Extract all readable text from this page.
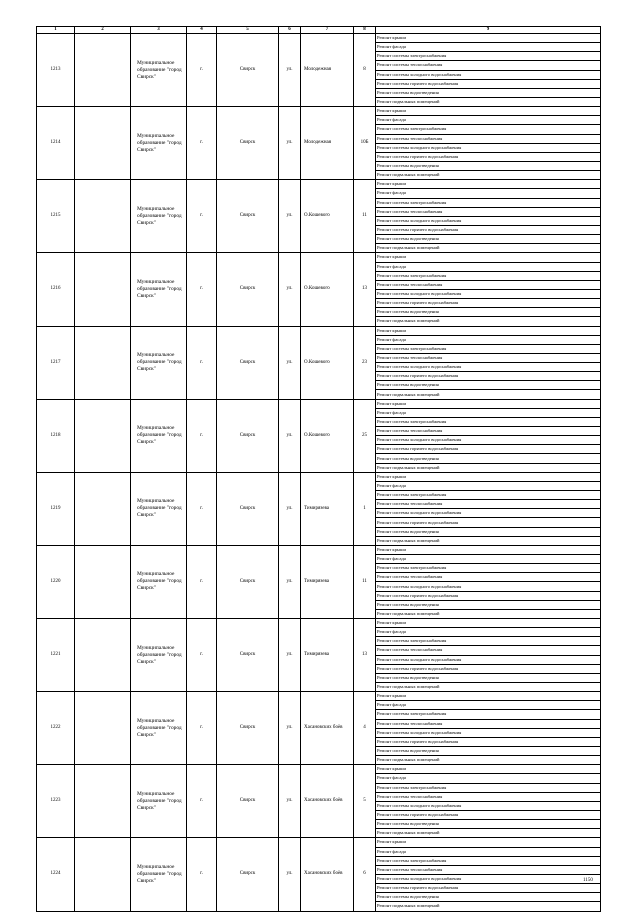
1	2	3	4	5	6	7	8	9
1213		Муниципальное образование "город Свирск"	г.	Свирск	ул.	Молодежная	8	Ремонт крыши
								Ремонт фасада
								Ремонт системы электроснабжения
								Ремонт системы теплоснабжения
								Ремонт системы холодного водоснабжения
								Ремонт системы горячего водоснабжения
								Ремонт системы водоотведения
								Ремонт подвальных помещений
1214		Муниципальное образование "город Свирск"	г.	Свирск	ул.	Молодежная	10Б	Ремонт крыши
								Ремонт фасада
								Ремонт системы электроснабжения
								Ремонт системы теплоснабжения
								Ремонт системы холодного водоснабжения
								Ремонт системы горячего водоснабжения
								Ремонт системы водоотведения
								Ремонт подвальных помещений
1215		Муниципальное образование "город Свирск"	г.	Свирск	ул.	О.Кошевого	11	Ремонт крыши
								Ремонт фасада
								Ремонт системы электроснабжения
								Ремонт системы теплоснабжения
								Ремонт системы холодного водоснабжения
								Ремонт системы горячего водоснабжения
								Ремонт системы водоотведения
								Ремонт подвальных помещений
1216		Муниципальное образование "город Свирск"	г.	Свирск	ул.	О.Кошевого	13	Ремонт крыши
								Ремонт фасада
								Ремонт системы электроснабжения
								Ремонт системы теплоснабжения
								Ремонт системы холодного водоснабжения
								Ремонт системы горячего водоснабжения
								Ремонт системы водоотведения
								Ремонт подвальных помещений
1217		Муниципальное образование "город Свирск"	г.	Свирск	ул.	О.Кошевого	23	Ремонт крыши
								Ремонт фасада
								Ремонт системы электроснабжения
								Ремонт системы теплоснабжения
								Ремонт системы холодного водоснабжения
								Ремонт системы горячего водоснабжения
								Ремонт системы водоотведения
								Ремонт подвальных помещений
1218		Муниципальное образование "город Свирск"	г.	Свирск	ул.	О.Кошевого	25	Ремонт крыши
								Ремонт фасада
								Ремонт системы электроснабжения
								Ремонт системы теплоснабжения
								Ремонт системы холодного водоснабжения
								Ремонт системы горячего водоснабжения
								Ремонт системы водоотведения
								Ремонт подвальных помещений
1219		Муниципальное образование "город Свирск"	г.	Свирск	ул.	Тимирязева	1	Ремонт крыши
								Ремонт фасада
								Ремонт системы электроснабжения
								Ремонт системы теплоснабжения
								Ремонт системы холодного водоснабжения
								Ремонт системы горячего водоснабжения
								Ремонт системы водоотведения
								Ремонт подвальных помещений
1220		Муниципальное образование "город Свирск"	г.	Свирск	ул.	Тимирязева	11	Ремонт крыши
								Ремонт фасада
								Ремонт системы электроснабжения
								Ремонт системы теплоснабжения
								Ремонт системы холодного водоснабжения
								Ремонт системы горячего водоснабжения
								Ремонт системы водоотведения
								Ремонт подвальных помещений
1221		Муниципальное образование "город Свирск"	г.	Свирск	ул.	Тимирязева	13	Ремонт крыши
								Ремонт фасада
								Ремонт системы электроснабжения
								Ремонт системы теплоснабжения
								Ремонт системы холодного водоснабжения
								Ремонт системы горячего водоснабжения
								Ремонт системы водоотведения
								Ремонт подвальных помещений
1222		Муниципальное образование "город Свирск"	г.	Свирск	ул.	Хасановских боёв	4	Ремонт крыши
								Ремонт фасада
								Ремонт системы электроснабжения
								Ремонт системы теплоснабжения
								Ремонт системы холодного водоснабжения
								Ремонт системы горячего водоснабжения
								Ремонт системы водоотведения
								Ремонт подвальных помещений
1223		Муниципальное образование "город Свирск"	г.	Свирск	ул.	Хасановских боёв	5	Ремонт крыши
								Ремонт фасада
								Ремонт системы электроснабжения
								Ремонт системы теплоснабжения
								Ремонт системы холодного водоснабжения
								Ремонт системы горячего водоснабжения
								Ремонт системы водоотведения
								Ремонт подвальных помещений
1224		Муниципальное образование "город Свирск"	г.	Свирск	ул.	Хасановских боёв	6	Ремонт крыши
								Ремонт фасада
								Ремонт системы электроснабжения
								Ремонт системы теплоснабжения
								Ремонт системы холодного водоснабжения
								Ремонт системы горячего водоснабжения
								Ремонт системы водоотведения
								Ремонт подвальных помещений
1150
